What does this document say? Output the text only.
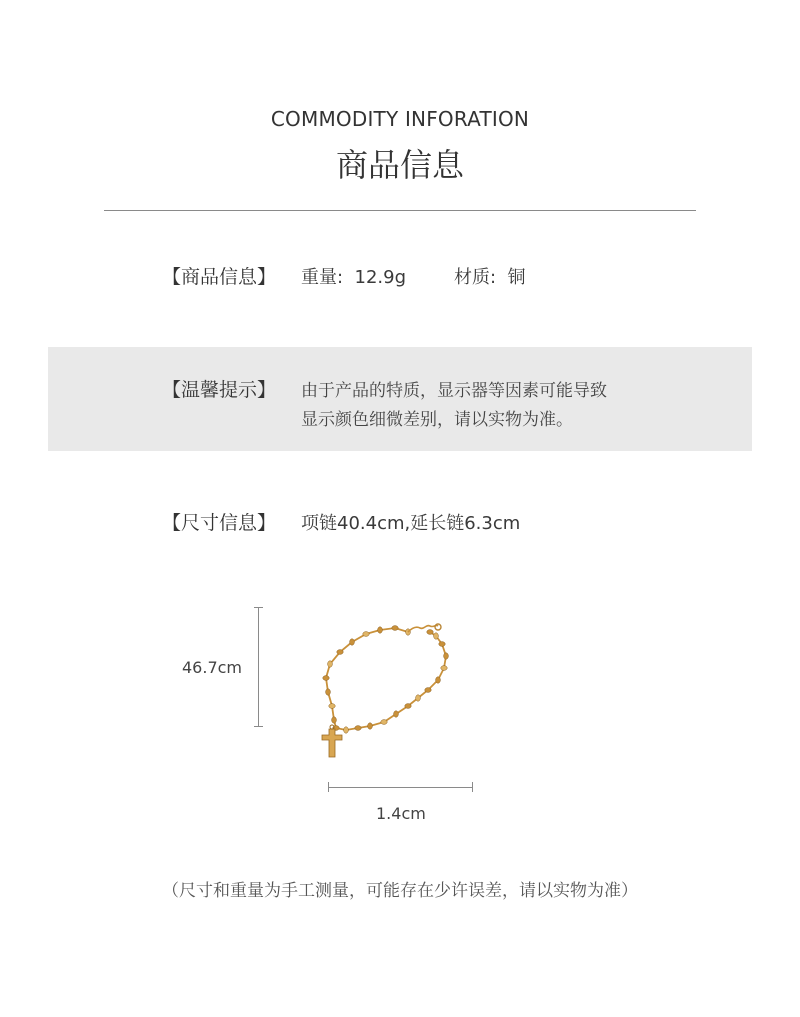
COMMODITY INFORATION
商品信息
【商品信息】 重量:  12.9g	材质:  铜
【温馨提示】 由于产品的特质，显示器等因素可能导致
显示颜色细微差别，请以实物为准。
【尺寸信息】 项链40.4cm,延长链6.3cm
46.7cm
1.4cm
（尺寸和重量为手工测量，可能存在少许误差，请以实物为准）
